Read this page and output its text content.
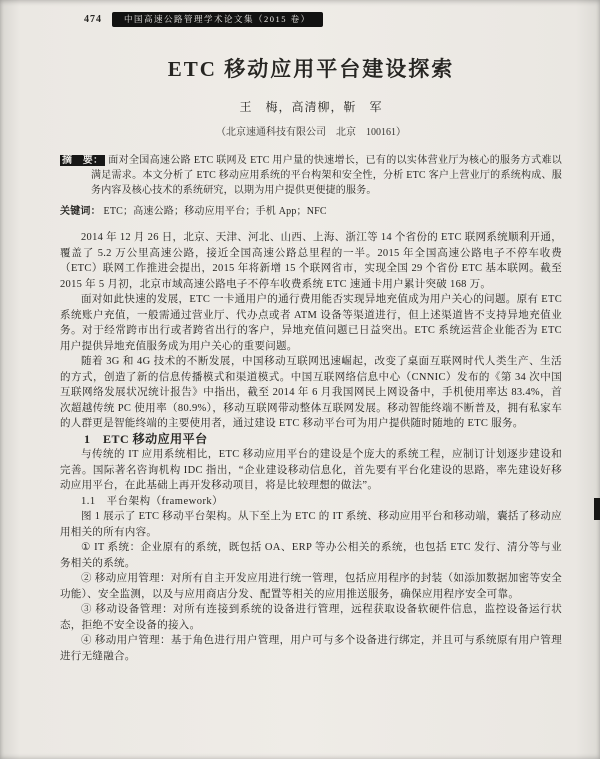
474	中国高速公路管理学术论文集（2015 卷）
ETC 移动应用平台建设探索
王　梅，高清柳，靳　军
（北京速通科技有限公司　北京　100161）

摘　要： 面对全国高速公路 ETC 联网及 ETC 用户量的快速增长，已有的以实体营业厅为核心的服务方式难以满足需求。本文分析了 ETC 移动应用系统的平台构架和安全性，分析 ETC 客户上营业厅的系统构成、服务内容及核心技术的系统研究，以期为用户提供更便捷的服务。

关键词： ETC；高速公路；移动应用平台；手机 App；NFC

2014 年 12 月 26 日，北京、天津、河北、山西、上海、浙江等 14 个省份的 ETC 联网系统顺利开通，覆盖了 5.2 万公里高速公路，接近全国高速公路总里程的一半。2015 年全国高速公路电子不停车收费（ETC）联网工作推进会提出，2015 年将新增 15 个联网省市，实现全国 29 个省份 ETC 基本联网。截至 2015 年 5 月初，北京市域高速公路电子不停车收费系统 ETC 速通卡用户累计突破 168 万。

面对如此快速的发展，ETC 一卡通用户的通行费用能否实现异地充值成为用户关心的问题。原有 ETC 系统账户充值，一般需通过营业厅、代办点或者 ATM 设备等渠道进行，但上述渠道皆不支持异地充值业务。对于经常跨市出行或者跨省出行的客户，异地充值问题已日益突出。ETC 系统运营企业能否为 ETC 用户提供异地充值服务成为用户关心的重要问题。

随着 3G 和 4G 技术的不断发展，中国移动互联网迅速崛起，改变了桌面互联网时代人类生产、生活的方式，创造了新的信息传播模式和渠道模式。中国互联网络信息中心（CNNIC）发布的《第 34 次中国互联网络发展状况统计报告》中指出，截至 2014 年 6 月我国网民上网设备中，手机使用率达 83.4%，首次超越传统 PC 使用率（80.9%），移动互联网带动整体互联网发展。移动智能终端不断普及，拥有私家车的人群更是智能终端的主要使用者，通过建设 ETC 移动平台可为用户提供随时随地的 ETC 服务。

1　ETC 移动应用平台

与传统的 IT 应用系统相比，ETC 移动应用平台的建设是个庞大的系统工程，应制订计划逐步建设和完善。国际著名咨询机构 IDC 指出，“企业建设移动信息化，首先要有平台化建设的思路，率先建设好移动应用平台，在此基础上再开发移动项目，将是比较理想的做法”。

1.1　平台架构（framework）

图 1 展示了 ETC 移动平台架构。从下至上为 ETC 的 IT 系统、移动应用平台和移动端，囊括了移动应用相关的所有内容。

① IT 系统：企业原有的系统，既包括 OA、ERP 等办公相关的系统，也包括 ETC 发行、清分等与业务相关的系统。

② 移动应用管理：对所有自主开发应用进行统一管理，包括应用程序的封装（如添加数据加密等安全功能）、安全监测，以及与应用商店分发、配置等相关的应用推送服务，确保应用程序安全可靠。

③ 移动设备管理：对所有连接到系统的设备进行管理，远程获取设备软硬件信息，监控设备运行状态，拒绝不安全设备的接入。

④ 移动用户管理：基于角色进行用户管理，用户可与多个设备进行绑定，并且可与系统原有用户管理进行无缝融合。
